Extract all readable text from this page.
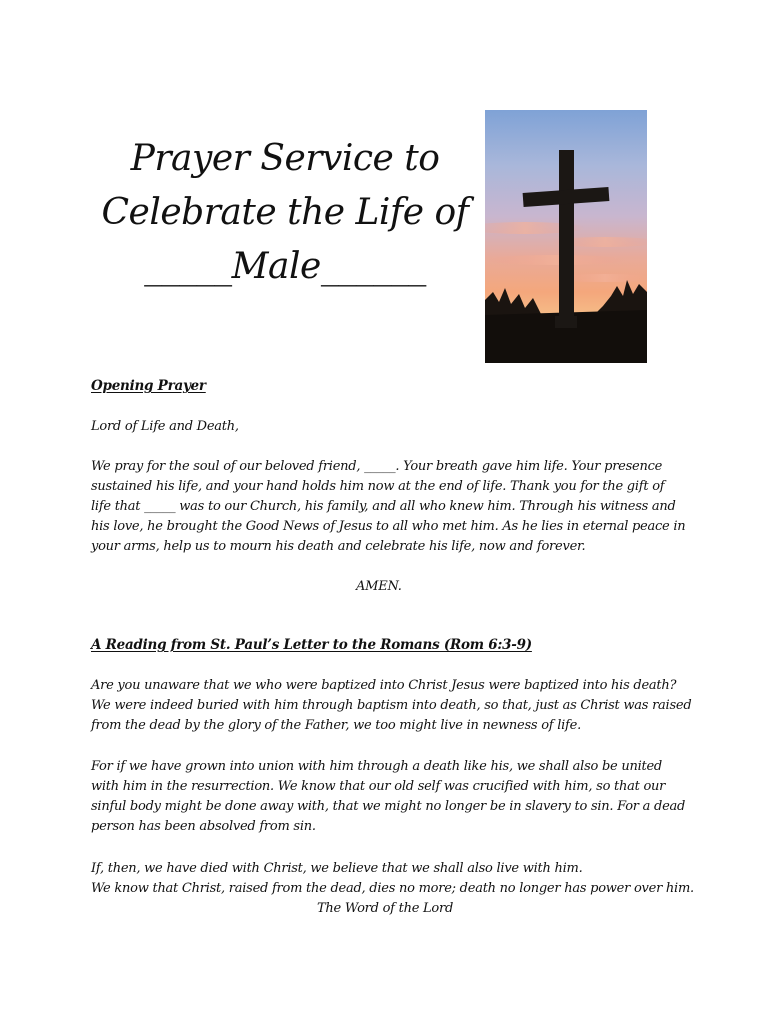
Prayer Service to
Celebrate the Life of
_____Male______
Opening Prayer
Lord of Life and Death,
We pray for the soul of our beloved friend, _____. Your breath gave him life. Your presence
sustained his life, and your hand holds him now at the end of life. Thank you for the gift of
life that _____ was to our Church, his family, and all who knew him. Through his witness and
his love, he brought the Good News of Jesus to all who met him. As he lies in eternal peace in
your arms, help us to mourn his death and celebrate his life, now and forever.
AMEN.
A Reading from St. Paul’s Letter to the Romans (Rom 6:3-9)
Are you unaware that we who were baptized into Christ Jesus were baptized into his death?
We were indeed buried with him through baptism into death, so that, just as Christ was raised
from the dead by the glory of the Father, we too might live in newness of life.
For if we have grown into union with him through a death like his, we shall also be united
with him in the resurrection. We know that our old self was crucified with him, so that our
sinful body might be done away with, that we might no longer be in slavery to sin. For a dead
person has been absolved from sin.
If, then, we have died with Christ, we believe that we shall also live with him.
We know that Christ, raised from the dead, dies no more; death no longer has power over him.
The Word of the Lord
